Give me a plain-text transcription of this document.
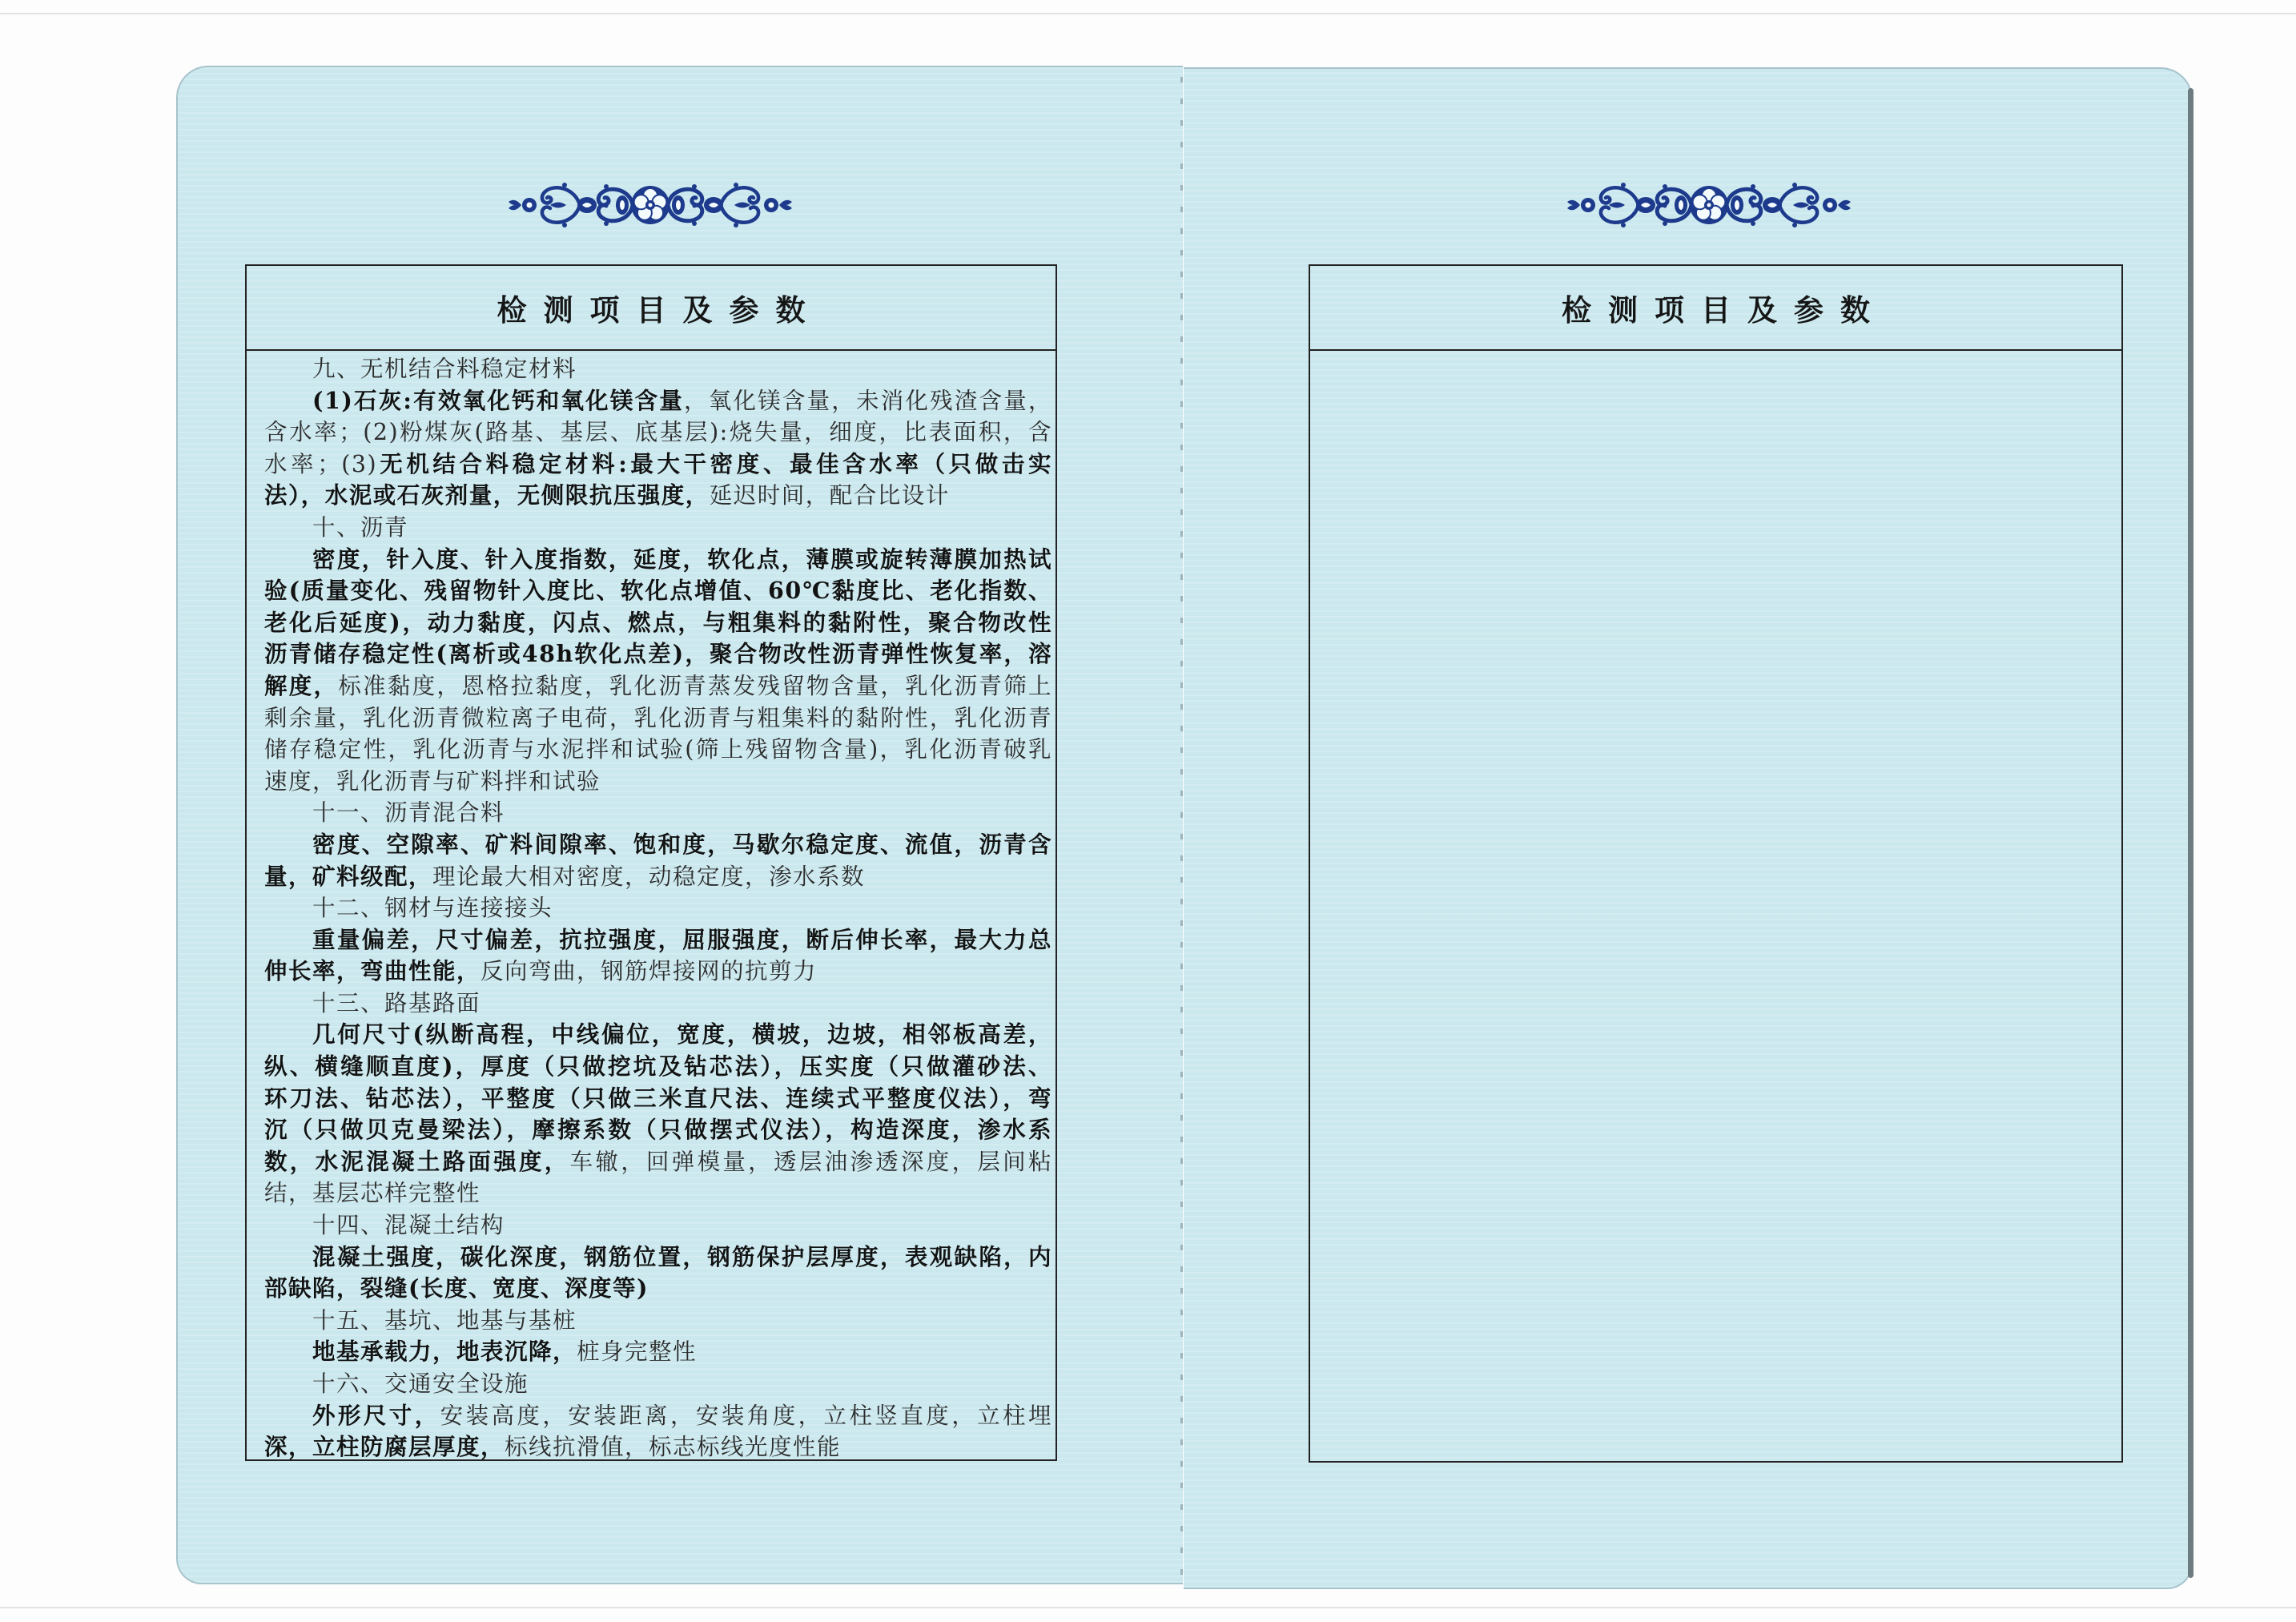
检测项目及参数
九、无机结合料稳定材料
(1)石灰:有效氧化钙和氧化镁含量，氧化镁含量，未消化残渣含量，
含水率；(2)粉煤灰(路基、基层、底基层):烧失量，细度，比表面积，含
水率；(3)无机结合料稳定材料:最大干密度、最佳含水率（只做击实
法），水泥或石灰剂量，无侧限抗压强度，延迟时间，配合比设计
十、沥青
密度，针入度、针入度指数，延度，软化点，薄膜或旋转薄膜加热试
验(质量变化、残留物针入度比、软化点增值、60℃黏度比、老化指数、
老化后延度)，动力黏度，闪点、燃点，与粗集料的黏附性，聚合物改性
沥青储存稳定性(离析或48h软化点差)，聚合物改性沥青弹性恢复率，溶
解度，标准黏度，恩格拉黏度，乳化沥青蒸发残留物含量，乳化沥青筛上
剩余量，乳化沥青微粒离子电荷，乳化沥青与粗集料的黏附性，乳化沥青
储存稳定性，乳化沥青与水泥拌和试验(筛上残留物含量)，乳化沥青破乳
速度，乳化沥青与矿料拌和试验
十一、沥青混合料
密度、空隙率、矿料间隙率、饱和度，马歇尔稳定度、流值，沥青含
量，矿料级配，理论最大相对密度，动稳定度，渗水系数
十二、钢材与连接接头
重量偏差，尺寸偏差，抗拉强度，屈服强度，断后伸长率，最大力总
伸长率，弯曲性能，反向弯曲，钢筋焊接网的抗剪力
十三、路基路面
几何尺寸(纵断高程，中线偏位，宽度，横坡，边坡，相邻板高差，
纵、横缝顺直度)，厚度（只做挖坑及钻芯法），压实度（只做灌砂法、
环刀法、钻芯法），平整度（只做三米直尺法、连续式平整度仪法），弯
沉（只做贝克曼梁法），摩擦系数（只做摆式仪法），构造深度，渗水系
数，水泥混凝土路面强度，车辙，回弹模量，透层油渗透深度，层间粘
结，基层芯样完整性
十四、混凝土结构
混凝土强度，碳化深度，钢筋位置，钢筋保护层厚度，表观缺陷，内
部缺陷，裂缝(长度、宽度、深度等)
十五、基坑、地基与基桩
地基承载力，地表沉降，桩身完整性
十六、交通安全设施
外形尺寸，安装高度，安装距离，安装角度，立柱竖直度，立柱埋
深，立柱防腐层厚度，标线抗滑值，标志标线光度性能
检测项目及参数
